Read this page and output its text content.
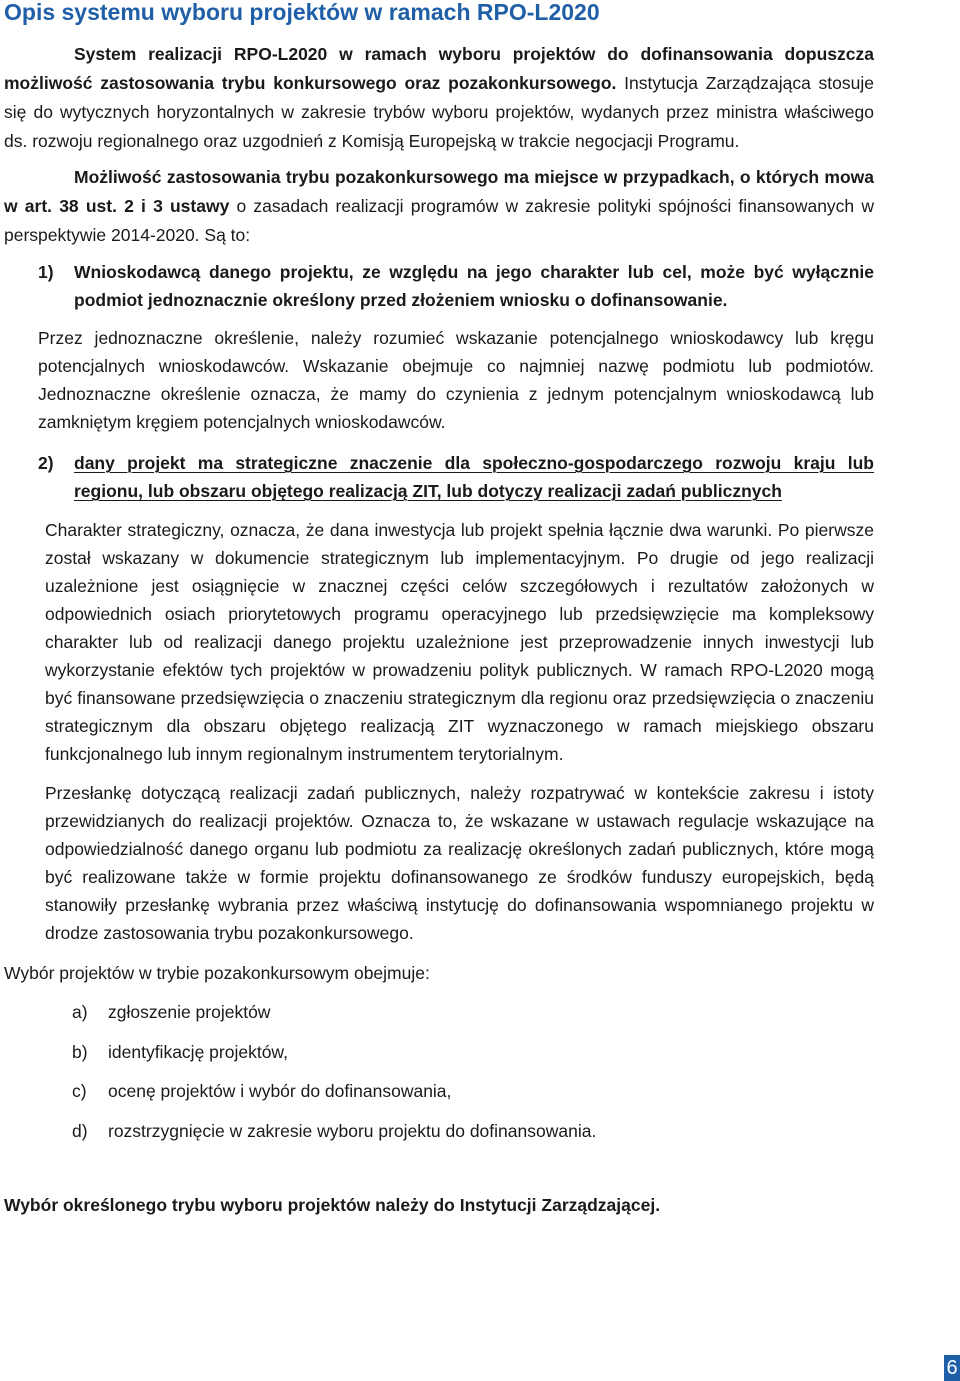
Opis systemu wyboru projektów w ramach RPO-L2020

System realizacji RPO-L2020 w ramach wyboru projektów do dofinansowania dopuszcza możliwość zastosowania trybu konkursowego oraz pozakonkursowego. Instytucja Zarządzająca stosuje się do wytycznych horyzontalnych w zakresie trybów wyboru projektów, wydanych przez ministra właściwego ds. rozwoju regionalnego oraz uzgodnień z Komisją Europejską w trakcie negocjacji Programu.

Możliwość zastosowania trybu pozakonkursowego ma miejsce w przypadkach, o których mowa w art. 38 ust. 2 i 3 ustawy o zasadach realizacji programów w zakresie polityki spójności finansowanych w perspektywie 2014-2020. Są to:

1)	Wnioskodawcą danego projektu, ze względu na jego charakter lub cel, może być wyłącznie podmiot jednoznacznie określony przed złożeniem wniosku o dofinansowanie.

Przez jednoznaczne określenie, należy rozumieć wskazanie potencjalnego wnioskodawcy lub kręgu potencjalnych wnioskodawców. Wskazanie obejmuje co najmniej nazwę podmiotu lub podmiotów. Jednoznaczne określenie oznacza, że mamy do czynienia z jednym potencjalnym wnioskodawcą lub zamkniętym kręgiem potencjalnych wnioskodawców.

2)	dany projekt ma strategiczne znaczenie dla społeczno-gospodarczego rozwoju kraju lub regionu, lub obszaru objętego realizacją ZIT, lub dotyczy realizacji zadań publicznych

Charakter strategiczny, oznacza, że dana inwestycja lub projekt spełnia łącznie dwa warunki. Po pierwsze został wskazany w dokumencie strategicznym lub implementacyjnym. Po drugie od jego realizacji uzależnione jest osiągnięcie w znacznej części celów szczegółowych i rezultatów założonych w odpowiednich osiach priorytetowych programu operacyjnego lub przedsięwzięcie ma kompleksowy charakter lub od realizacji danego projektu uzależnione jest przeprowadzenie innych inwestycji lub wykorzystanie efektów tych projektów w prowadzeniu polityk publicznych. W ramach RPO-L2020 mogą być finansowane przedsięwzięcia o znaczeniu strategicznym dla regionu oraz przedsięwzięcia o znaczeniu strategicznym dla obszaru objętego realizacją ZIT wyznaczonego w ramach miejskiego obszaru funkcjonalnego lub innym regionalnym instrumentem terytorialnym.

Przesłankę dotyczącą realizacji zadań publicznych, należy rozpatrywać w kontekście zakresu i istoty przewidzianych do realizacji projektów. Oznacza to, że wskazane w ustawach regulacje wskazujące na odpowiedzialność danego organu lub podmiotu za realizację określonych zadań publicznych, które mogą być realizowane także w formie projektu dofinansowanego ze środków funduszy europejskich, będą stanowiły przesłankę wybrania przez właściwą instytucję do dofinansowania wspomnianego projektu w drodze zastosowania trybu pozakonkursowego.

Wybór projektów w trybie pozakonkursowym obejmuje:

a) zgłoszenie projektów
b) identyfikację projektów,
c) ocenę projektów i wybór do dofinansowania,
d) rozstrzygnięcie w zakresie wyboru projektu do dofinansowania.

Wybór określonego trybu wyboru projektów należy do Instytucji Zarządzającej.

6
